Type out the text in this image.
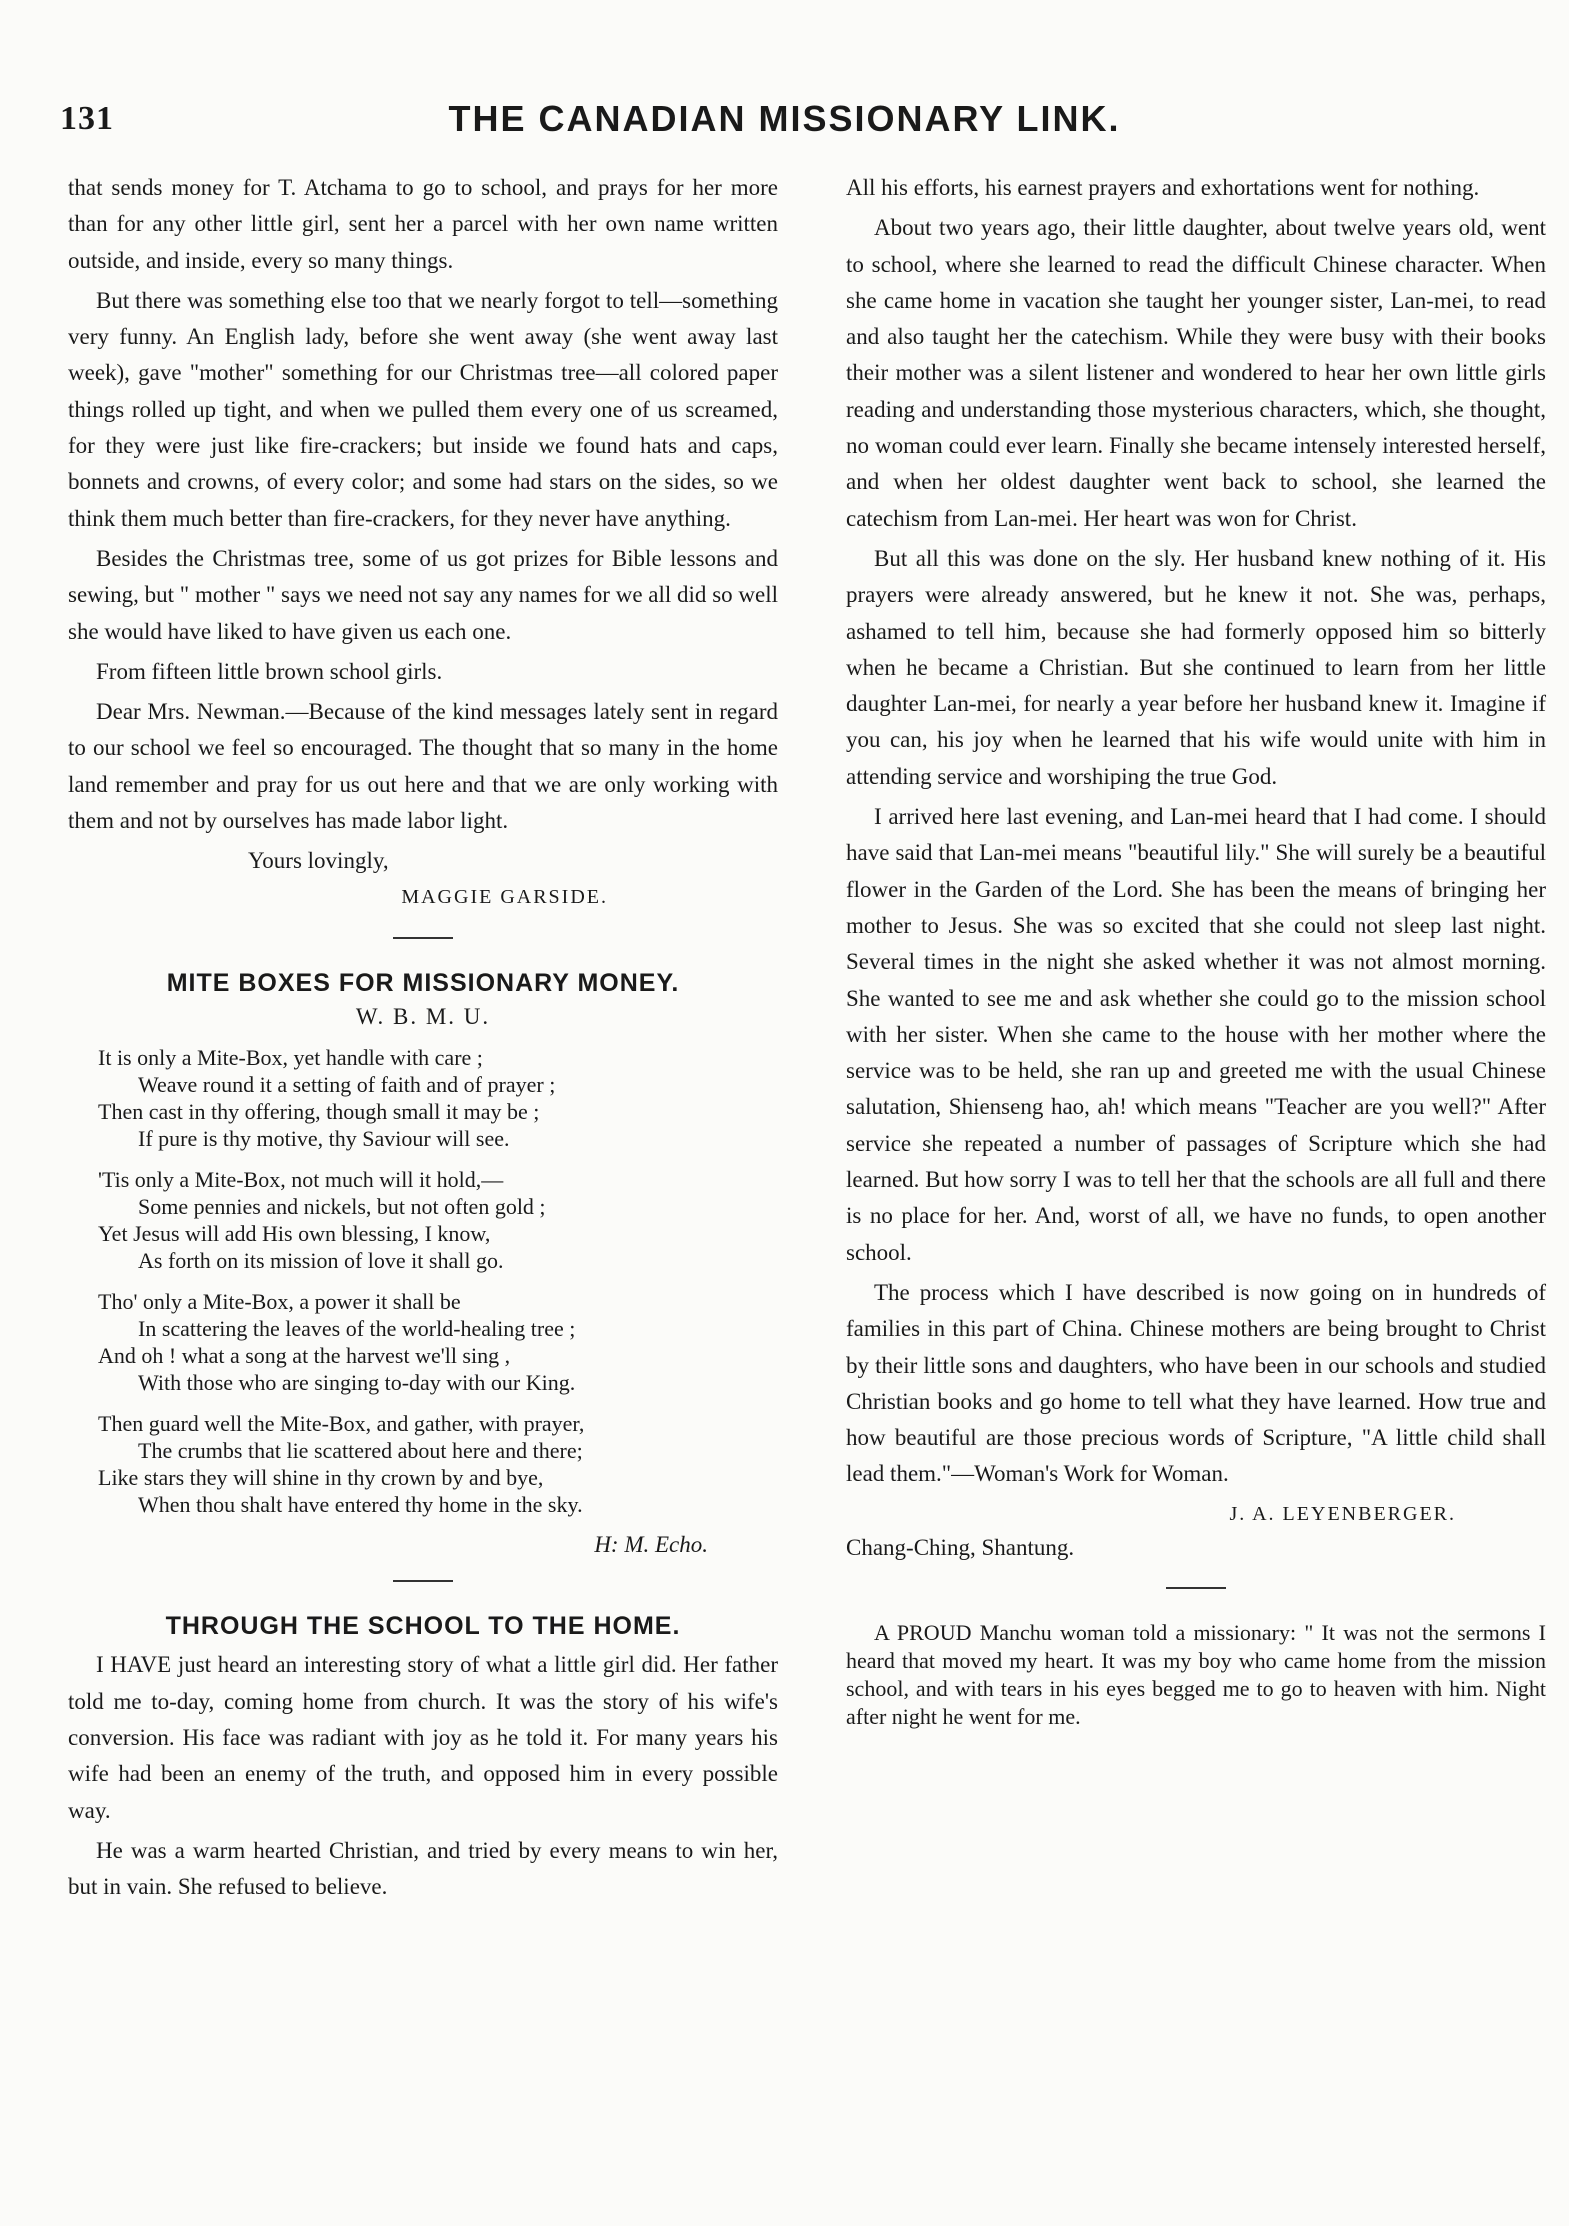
131	THE CANADIAN MISSIONARY LINK.

that sends money for T. Atchama to go to school, and prays for her more than for any other little girl, sent her a parcel with her own name written outside, and inside, every so many things.

But there was something else too that we nearly forgot to tell—something very funny. An English lady, before she went away (she went away last week), gave "mother" something for our Christmas tree—all colored paper things rolled up tight, and when we pulled them every one of us screamed, for they were just like fire-crackers; but inside we found hats and caps, bonnets and crowns, of every color; and some had stars on the sides, so we think them much better than fire-crackers, for they never have anything.

Besides the Christmas tree, some of us got prizes for Bible lessons and sewing, but " mother " says we need not say any names for we all did so well she would have liked to have given us each one.

From fifteen little brown school girls.

Dear Mrs. Newman.—Because of the kind messages lately sent in regard to our school we feel so encouraged. The thought that so many in the home land remember and pray for us out here and that we are only working with them and not by ourselves has made labor light.

Yours lovingly,
MAGGIE GARSIDE.
MITE BOXES FOR MISSIONARY MONEY.
W. B. M. U.
It is only a Mite-Box, yet handle with care ;
Weave round it a setting of faith and of prayer ;
Then cast in thy offering, though small it may be ;
If pure is thy motive, thy Saviour will see.
'Tis only a Mite-Box, not much will it hold,—
Some pennies and nickels, but not often gold ;
Yet Jesus will add His own blessing, I know,
As forth on its mission of love it shall go.
Tho' only a Mite-Box, a power it shall be
In scattering the leaves of the world-healing tree ;
And oh ! what a song at the harvest we'll sing ,
With those who are singing to-day with our King.
Then guard well the Mite-Box, and gather, with prayer,
The crumbs that lie scattered about here and there;
Like stars they will shine in thy crown by and bye,
When thou shalt have entered thy home in the sky.
H: M. Echo.
THROUGH THE SCHOOL TO THE HOME.

I HAVE just heard an interesting story of what a little girl did. Her father told me to-day, coming home from church. It was the story of his wife's conversion. His face was radiant with joy as he told it. For many years his wife had been an enemy of the truth, and opposed him in every possible way.

He was a warm hearted Christian, and tried by every means to win her, but in vain. She refused to believe.

All his efforts, his earnest prayers and exhortations went for nothing.

About two years ago, their little daughter, about twelve years old, went to school, where she learned to read the difficult Chinese character. When she came home in vacation she taught her younger sister, Lan-mei, to read and also taught her the catechism. While they were busy with their books their mother was a silent listener and wondered to hear her own little girls reading and understanding those mysterious characters, which, she thought, no woman could ever learn. Finally she became intensely interested herself, and when her oldest daughter went back to school, she learned the catechism from Lan-mei. Her heart was won for Christ.

But all this was done on the sly. Her husband knew nothing of it. His prayers were already answered, but he knew it not. She was, perhaps, ashamed to tell him, because she had formerly opposed him so bitterly when he became a Christian. But she continued to learn from her little daughter Lan-mei, for nearly a year before her husband knew it. Imagine if you can, his joy when he learned that his wife would unite with him in attending service and worshiping the true God.

I arrived here last evening, and Lan-mei heard that I had come. I should have said that Lan-mei means "beautiful lily." She will surely be a beautiful flower in the Garden of the Lord. She has been the means of bringing her mother to Jesus. She was so excited that she could not sleep last night. Several times in the night she asked whether it was not almost morning. She wanted to see me and ask whether she could go to the mission school with her sister. When she came to the house with her mother where the service was to be held, she ran up and greeted me with the usual Chinese salutation, Shienseng hao, ah! which means "Teacher are you well?" After service she repeated a number of passages of Scripture which she had learned. But how sorry I was to tell her that the schools are all full and there is no place for her. And, worst of all, we have no funds, to open another school.

The process which I have described is now going on in hundreds of families in this part of China. Chinese mothers are being brought to Christ by their little sons and daughters, who have been in our schools and studied Christian books and go home to tell what they have learned. How true and how beautiful are those precious words of Scripture, "A little child shall lead them."—Woman's Work for Woman.

J. A. LEYENBERGER.
Chang-Ching, Shantung.
A PROUD Manchu woman told a missionary: " It was not the sermons I heard that moved my heart. It was my boy who came home from the mission school, and with tears in his eyes begged me to go to heaven with him. Night after night he went for me.
